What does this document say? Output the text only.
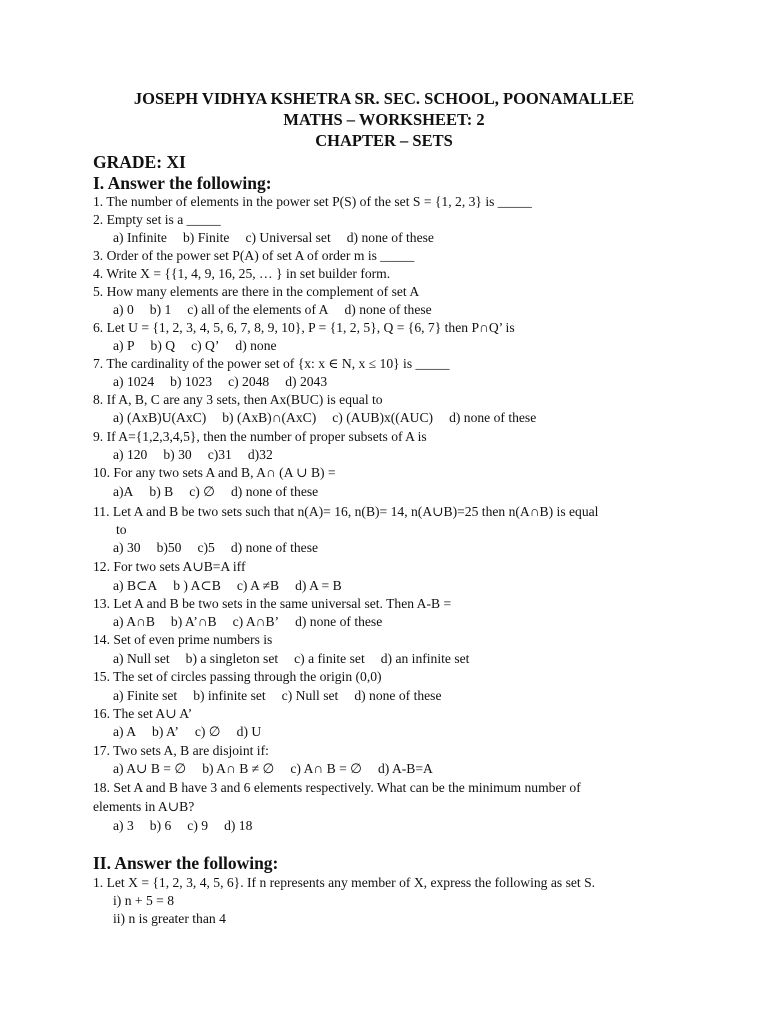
JOSEPH VIDHYA KSHETRA SR. SEC. SCHOOL, POONAMALLEE
MATHS – WORKSHEET: 2
CHAPTER – SETS
GRADE: XI
I. Answer the following:
1. The number of elements in the power set P(S) of the set S = {1, 2, 3} is _____
2. Empty set is a _____
a) Infinite b) Finite c) Universal set d) none of these
3. Order of the power set P(A) of set A of order m is _____
4. Write X = {{1, 4, 9, 16, 25, … } in set builder form.
5. How many elements are there in the complement of set A
a) 0 b) 1 c) all of the elements of A d) none of these
6. Let U = {1, 2, 3, 4, 5, 6, 7, 8, 9, 10}, P = {1, 2, 5}, Q = {6, 7} then P∩Q’ is
a) P b) Q c) Q’ d) none
7. The cardinality of the power set of {x: x ∈ N, x ≤ 10} is _____
a) 1024 b) 1023 c) 2048 d) 2043
8. If A, B, C are any 3 sets, then Ax(BUC) is equal to
a) (AxB)U(AxC) b) (AxB)∩(AxC) c) (AUB)x((AUC) d) none of these
9. If A={1,2,3,4,5}, then the number of proper subsets of A is
a) 120 b) 30 c)31 d)32
10. For any two sets A and B, A∩ (A ∪ B) =
a)A b) B c) ∅ d) none of these
11. Let A and B be two sets such that n(A)= 16, n(B)= 14, n(A∪B)=25 then n(A∩B) is equal
to
a) 30 b)50 c)5 d) none of these
12. For two sets A∪B=A iff
a) B⊂A b ) A⊂B c) A ≠B d) A = B
13. Let A and B be two sets in the same universal set. Then A-B =
a) A∩B b) A’∩B c) A∩B’ d) none of these
14. Set of even prime numbers is
a) Null set b) a singleton set c) a finite set d) an infinite set
15. The set of circles passing through the origin (0,0)
a) Finite set b) infinite set c) Null set d) none of these
16. The set A∪ A’
a) A b) A’ c) ∅ d) U
17. Two sets A, B are disjoint if:
a) A∪ B = ∅ b) A∩ B ≠ ∅ c) A∩ B = ∅ d) A-B=A
18. Set A and B have 3 and 6 elements respectively. What can be the minimum number of
elements in A∪B?
a) 3 b) 6 c) 9 d) 18
II. Answer the following:
1. Let X = {1, 2, 3, 4, 5, 6}. If n represents any member of X, express the following as set S.
i) n + 5 = 8
ii) n is greater than 4
